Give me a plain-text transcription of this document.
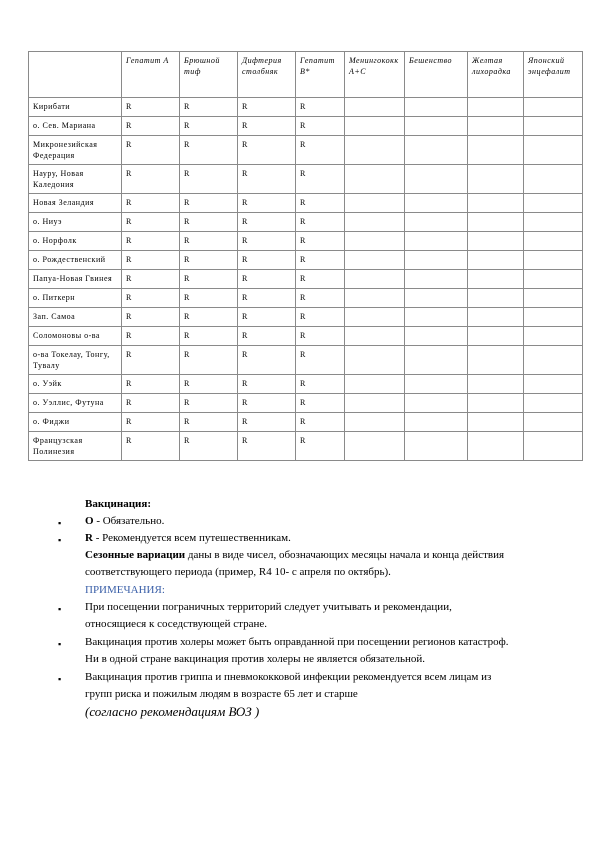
	Гепатит А	Брюшной тиф	Дифтерия столбняк	Гепатит В*	Менингококк А+С	Бешенство	Желтая лихорадка	Японский энцефалит
Кирибати	R	R	R	R				
о. Сев. Мариана	R	R	R	R				
Микронезийская Федерация	R	R	R	R				
Науру, Новая Каледония	R	R	R	R				
Новая Зеландия	R	R	R	R				
о. Ниуэ	R	R	R	R				
о. Норфолк	R	R	R	R				
о. Рождественский	R	R	R	R				
Папуа-Новая Гвинея	R	R	R	R				
о. Питкерн	R	R	R	R				
Зап. Самоа	R	R	R	R				
Соломоновы о-ва	R	R	R	R				
о-ва Токелау, Тонгу, Тувалу	R	R	R	R				
о. Уэйк	R	R	R	R				
о. Уэллис, Футуна	R	R	R	R				
о. Фиджи	R	R	R	R				
Французская Полинезия	R	R	R	R				
Вакцинация:
▪ O - Обязательно.
▪ R - Рекомендуется всем путешественникам.
Сезонные вариации даны в виде чисел, обозначающих месяцы начала и конца действия
соответствующего периода (пример, R4 10- с апреля по октябрь).
ПРИМЕЧАНИЯ:
▪ При посещении пограничных территорий следует учитывать и рекомендации,
относящиеся к соседствующей стране.
▪ Вакцинация против холеры может быть оправданной при посещении регионов катастроф.
Ни в одной стране вакцинация против холеры не является обязательной.
▪ Вакцинация против гриппа и пневмококковой инфекции рекомендуется всем лицам из
групп риска и пожилым людям в возрасте 65 лет и старше
(согласно рекомендациям ВОЗ )
